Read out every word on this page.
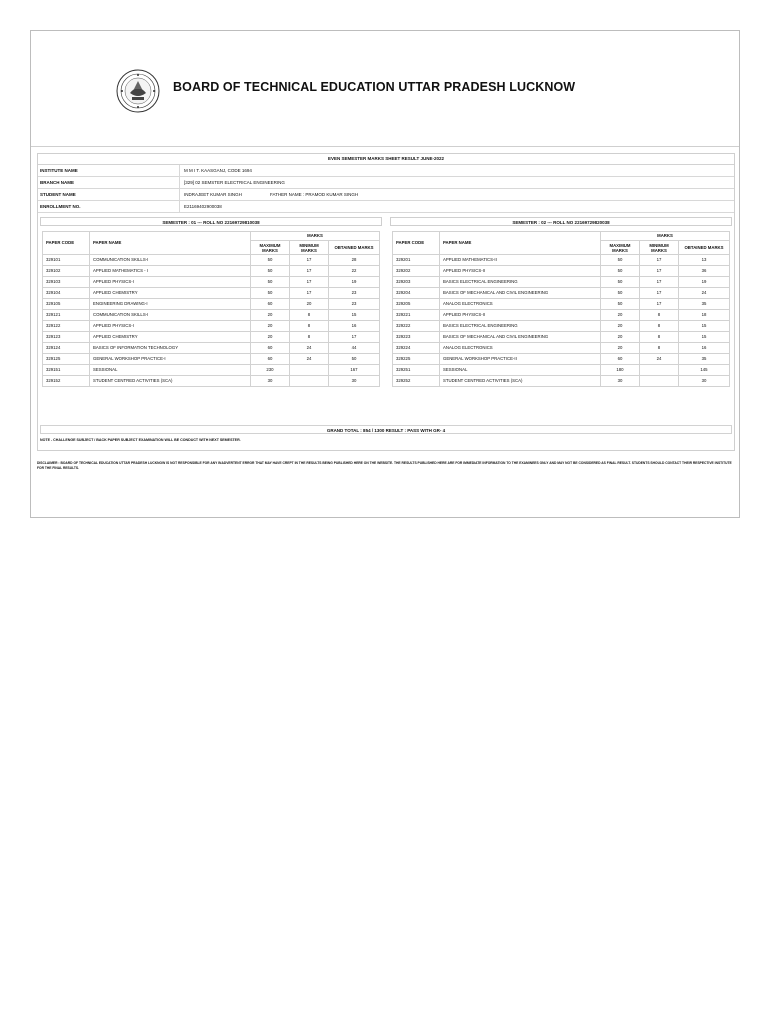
BOARD OF TECHNICAL EDUCATION UTTAR PRADESH LUCKNOW
EVEN SEMESTER MARKS SHEET RESULT JUNE-2022
INSTITUTE NAME	M M I T. KAASGANJ, CODE 1694
BRANCH NAME	[329] 02 SEMSTER ELECTRICAL ENGINEERING
STUDENT NAME	INDRAJEET KUMAR SINGH	FATHER NAME : PRAMOD KUMAR SINGH
ENROLLMENT NO.	E21169402900038
SEMESTER : 01 --- ROLL NO 22169729810038
PAPER CODE	PAPER NAME	MARKS		
		MAXIMUM MARKS	MINIMUM MARKS	OBTAINED MARKS
329101	COMMUNICATION SKILLS-I	50	17	28
329102	APPLIED MATHEMATICS - I	50	17	22
329103	APPLIED PHYSICS-I	50	17	19
329104	APPLIED CHEMISTRY	50	17	23
329105	ENGINEERING DRAWING-I	60	20	23
329121	COMMUNICATION SKILLS-I	20	8	15
329122	APPLIED PHYSICS-I	20	8	16
329123	APPLIED CHEMISTRY	20	8	17
329124	BASICS OF INFORMATION TECHNOLOGY	60	24	44
329125	GENERAL WORKSHOP PRACTICE-I	60	24	50
329151	SESSIONAL	230		167
329152	STUDENT CENTRED ACTIVITIES (SCA)	30		30
SEMESTER : 02 --- ROLL NO 22169729820038
PAPER CODE	PAPER NAME	MARKS		
		MAXIMUM MARKS	MINIMUM MARKS	OBTAINED MARKS
329201	APPLIED MATHEMATICS-II	50	17	13
329202	APPLIED PHYSICS-II	50	17	36
329203	BASICS ELECTRICAL ENGINEERING	50	17	19
329204	BASICS OF MECHANICAL AND CIVIL ENGINEERING	50	17	24
329205	ANALOG ELECTRONICS	50	17	35
329221	APPLIED PHYSICS-II	20	8	18
329222	BASICS ELECTRICAL ENGINEERING	20	8	15
329223	BASICS OF MECHANICAL AND CIVIL ENGINEERING	20	8	15
329224	ANALOG ELECTRONICS	20	8	16
329225	GENERAL WORKSHOP PRACTICE-II	60	24	35
329251	SESSIONAL	180		145
329252	STUDENT CENTRED ACTIVITIES (SCA)	30		30
GRAND TOTAL : 854 / 1300 RESULT : PASS WITH GR- 4
NOTE - CHALLENGE SUBJECT / BACK PAPER SUBJECT EXAMINATION WILL BE CONDUCT WITH NEXT SEMESTER.
DISCLAIMER : BOARD OF TECHNICAL EDUCATION UTTAR PRADESH LUCKNOW IS NOT RESPONSIBLE FOR ANY INADVERTENT ERROR THAT MAY HAVE CREPT IN THE RESULTS BEING PUBLISHED HERE ON THE WEBSITE. THE RESULTS PUBLISHED HERE ARE FOR IMMEDIATE INFORMATION TO THE EXAMINEES ONLY AND MAY NOT BE CONSIDERED AS FINAL RESULT. STUDENTS SHOULD CONTACT THEIR RESPECTIVE INSTITUTE FOR THE FINAL RESULTS.
